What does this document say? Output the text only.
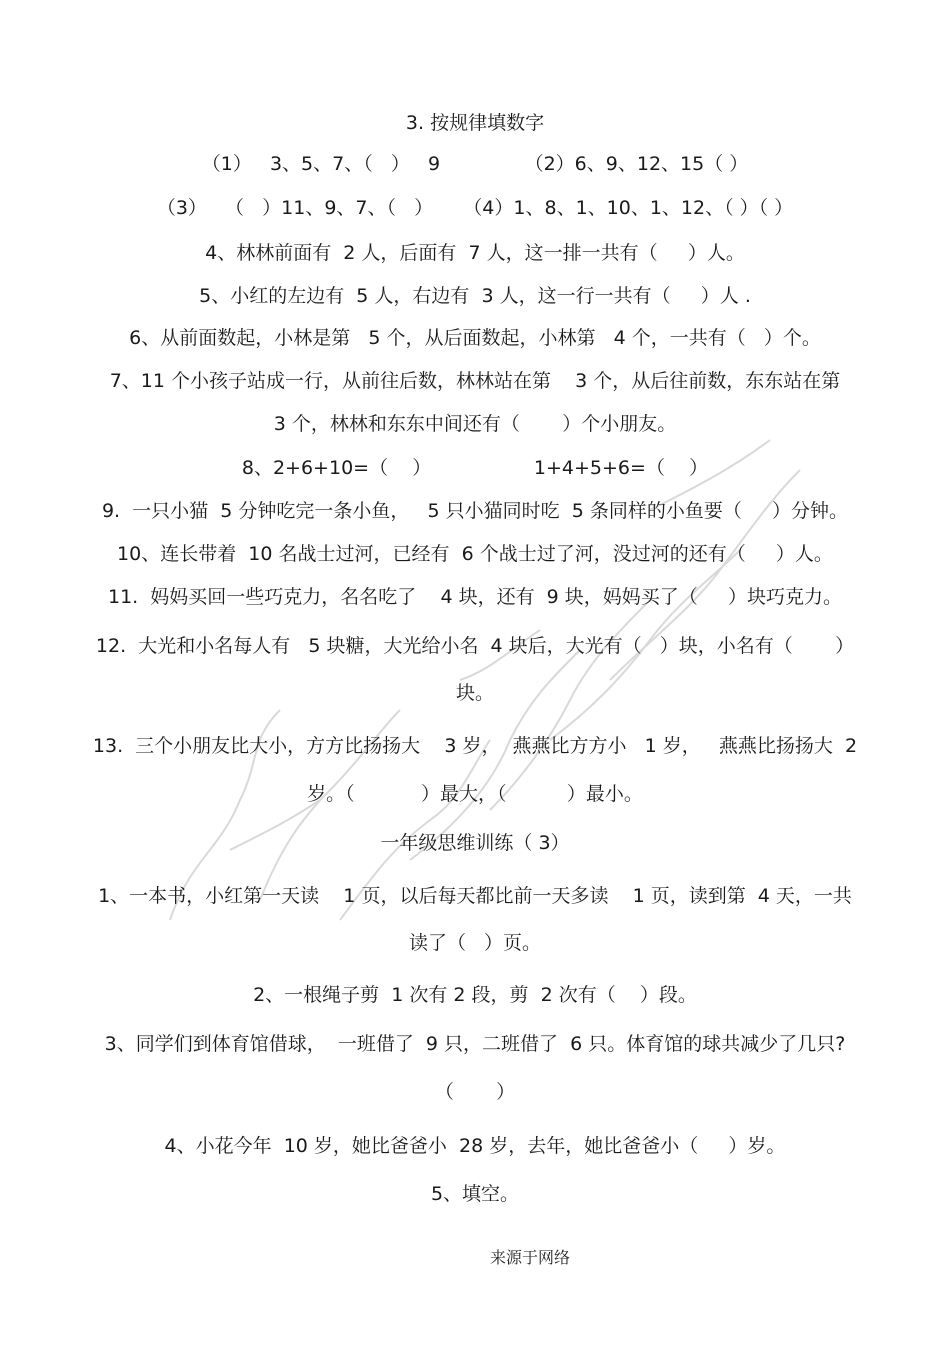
3. 按规律填数字
（1）   3、5、7、（   ）   9              （2）6、9、12、15（ ）
（3）   （   ）11、9、7、（   ）     （4）1、8、1、10、1、12、（ ）（ ）
4、林林前面有  2 人，后面有  7 人，这一排一共有（     ）人。
5、小红的左边有  5 人，右边有  3 人，这一行一共有（     ）人 .
6、从前面数起，小林是第   5 个，从后面数起，小林第   4 个，一共有（   ）个。
7、11 个小孩子站成一行，从前往后数，林林站在第    3 个，从后往前数，东东站在第
3 个，林林和东东中间还有（       ）个小朋友。
8、2+6+10=（    ）                 1+4+5+6=（    ）
9.  一只小猫  5 分钟吃完一条小鱼，   5 只小猫同时吃  5 条同样的小鱼要（     ）分钟。
10、连长带着  10 名战士过河，已经有  6 个战士过了河，没过河的还有（     ）人。
11.  妈妈买回一些巧克力，名名吃了    4 块，还有  9 块，妈妈买了（     ）块巧克力。
12.  大光和小名每人有   5 块糖，大光给小名  4 块后，大光有（   ）块，小名有（       ）
块。
13.  三个小朋友比大小，方方比扬扬大    3 岁，  燕燕比方方小   1 岁，   燕燕比扬扬大  2
岁。（           ）最大，（          ）最小。
一年级思维训练（ 3）
1、一本书，小红第一天读    1 页，以后每天都比前一天多读    1 页，读到第  4 天，一共
读了（   ）页。
2、一根绳子剪  1 次有 2 段，剪  2 次有（    ）段。
3、同学们到体育馆借球，  一班借了  9 只，二班借了  6 只。体育馆的球共减少了几只?
（       ）
4、小花今年  10 岁，她比爸爸小  28 岁，去年，她比爸爸小（     ）岁。
5、填空。
来源于网络
